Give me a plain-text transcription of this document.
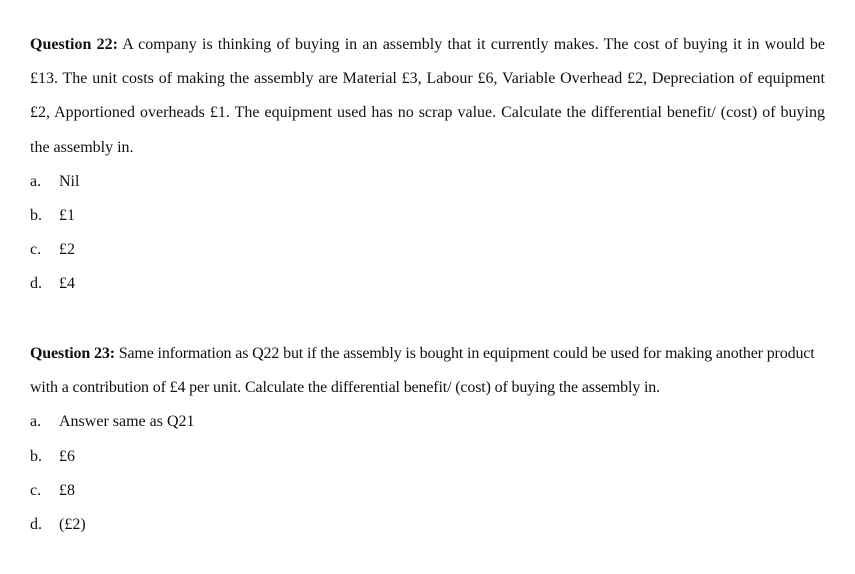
Question 22: A company is thinking of buying in an assembly that it currently makes. The cost of buying it in would be £13. The unit costs of making the assembly are Material £3, Labour £6, Variable Overhead £2, Depreciation of equipment £2, Apportioned overheads £1. The equipment used has no scrap value. Calculate the differential benefit/ (cost) of buying the assembly in.

a.	Nil
b.	£1
c.	£2
d.	£4

Question 23: Same information as Q22 but if the assembly is bought in equipment could be used for making another product with a contribution of £4 per unit. Calculate the differential benefit/ (cost) of buying the assembly in.

a.	Answer same as Q21
b.	£6
c.	£8
d.	(£2)
